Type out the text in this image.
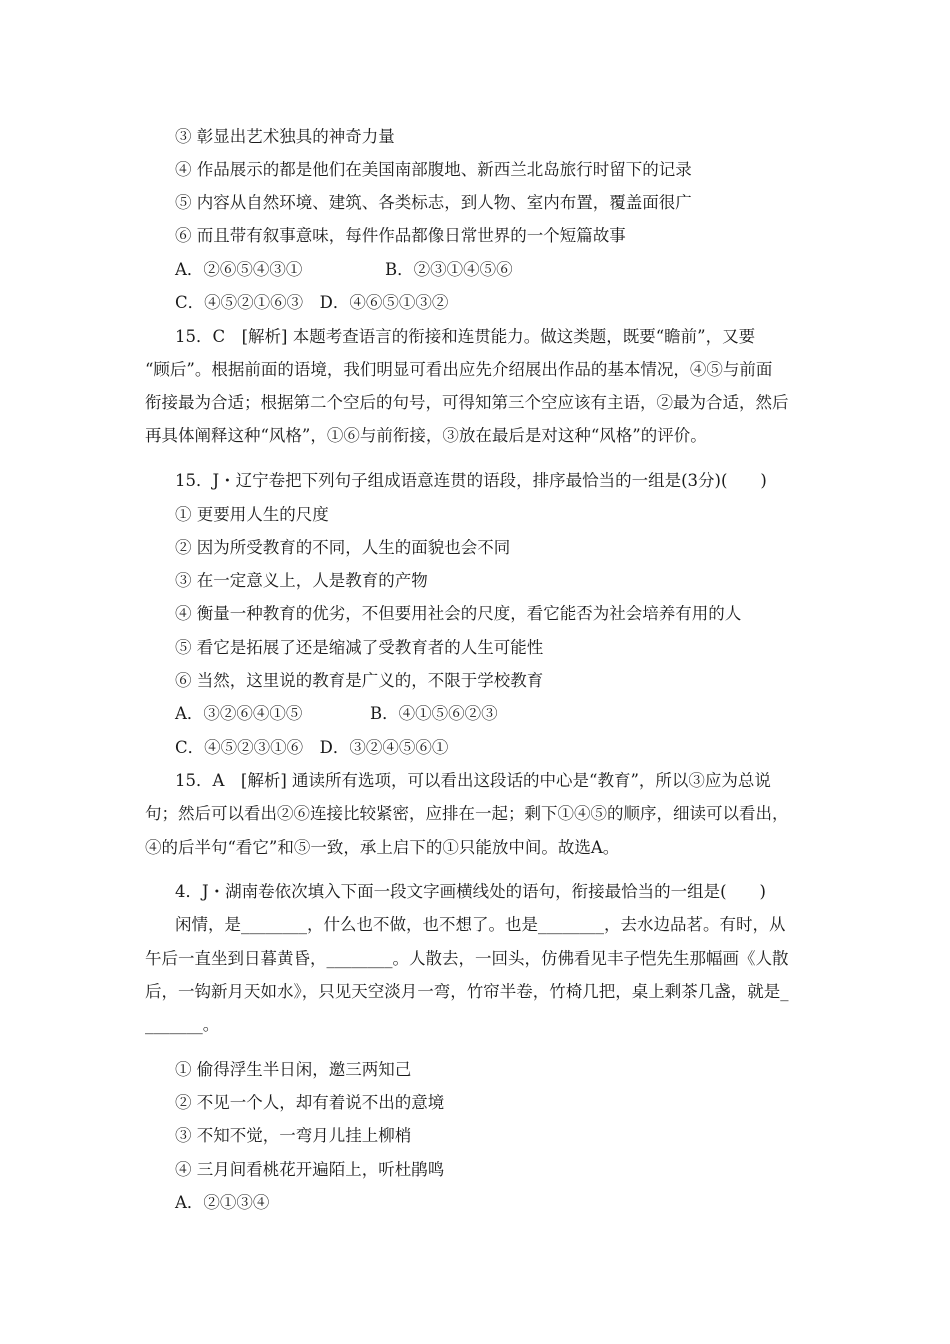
③ 彰显出艺术独具的神奇力量
④ 作品展示的都是他们在美国南部腹地、新西兰北岛旅行时留下的记录
⑤ 内容从自然环境、建筑、各类标志，到人物、室内布置，覆盖面很广
⑥ 而且带有叙事意味，每件作品都像日常世界的一个短篇故事
A．②⑥⑤④③①	B．②③①④⑤⑥
C．④⑤②①⑥③　D．④⑥⑤①③②
15．C　[解析] 本题考查语言的衔接和连贯能力。做这类题，既要“瞻前”，又要
“顾后”。根据前面的语境，我们明显可看出应先介绍展出作品的基本情况，④⑤与前面
衔接最为合适；根据第二个空后的句号，可得知第三个空应该有主语，②最为合适，然后
再具体阐释这种“风格”，①⑥与前衔接，③放在最后是对这种“风格”的评价。
15．J・辽宁卷把下列句子组成语意连贯的语段，排序最恰当的一组是(3分)(　　)
① 更要用人生的尺度
② 因为所受教育的不同，人生的面貌也会不同
③ 在一定意义上，人是教育的产物
④ 衡量一种教育的优劣，不但要用社会的尺度，看它能否为社会培养有用的人
⑤ 看它是拓展了还是缩减了受教育者的人生可能性
⑥ 当然，这里说的教育是广义的，不限于学校教育
A．③②⑥④①⑤	B．④①⑤⑥②③
C．④⑤②③①⑥　D．③②④⑤⑥①
15．A　[解析] 通读所有选项，可以看出这段话的中心是“教育”，所以③应为总说
句；然后可以看出②⑥连接比较紧密，应排在一起；剩下①④⑤的顺序，细读可以看出，
④的后半句“看它”和⑤一致，承上启下的①只能放中间。故选A。
4．J・湖南卷依次填入下面一段文字画横线处的语句，衔接最恰当的一组是(　　)
闲情，是________，什么也不做，也不想了。也是________，去水边品茗。有时，从
午后一直坐到日暮黄昏，________。人散去，一回头，仿佛看见丰子恺先生那幅画《人散
后，一钩新月天如水》，只见天空淡月一弯，竹帘半卷，竹椅几把，桌上剩茶几盏，就是_
_______。
① 偷得浮生半日闲，邀三两知己
② 不见一个人，却有着说不出的意境
③ 不知不觉，一弯月儿挂上柳梢
④ 三月间看桃花开遍陌上，听杜鹃鸣
A．②①③④
